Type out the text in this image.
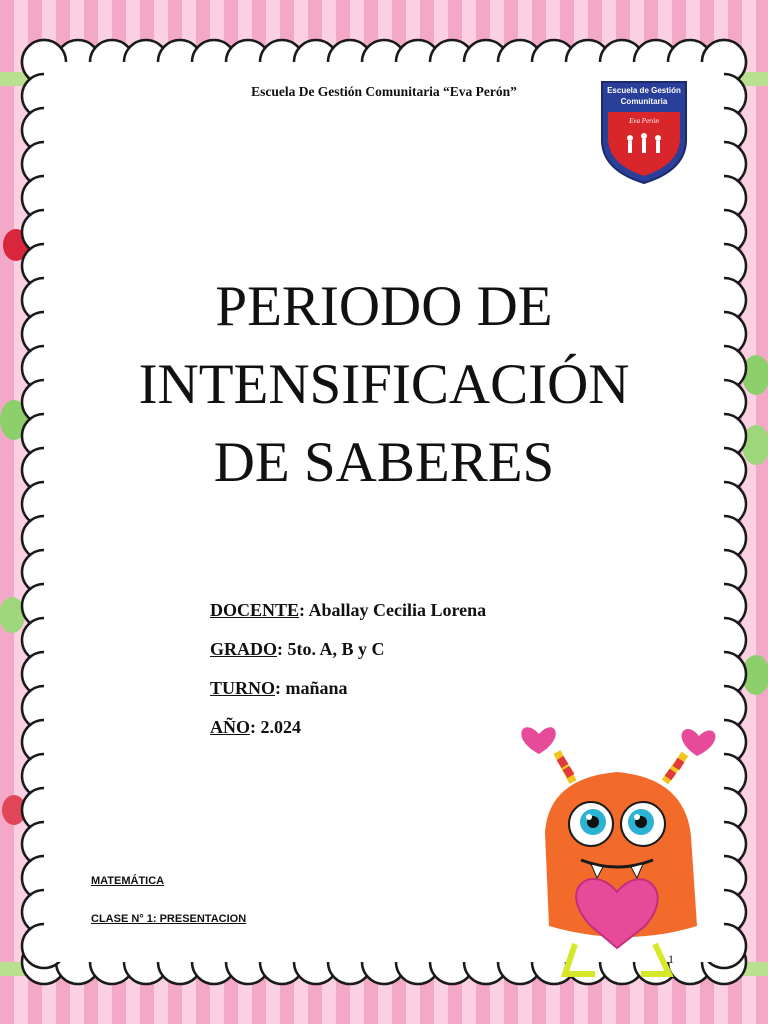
Escuela De Gestión Comunitaria “Eva Perón”	Escuela de Gestión
Comunitaria
Eva Perón
PERIODO DE
INTENSIFICACIÓN
DE SABERES
DOCENTE: Aballay Cecilia Lorena
GRADO: 5to. A, B y C
TURNO: mañana
AÑO: 2.024
MATEMÁTICA
CLASE N° 1: PRESENTACION
1
